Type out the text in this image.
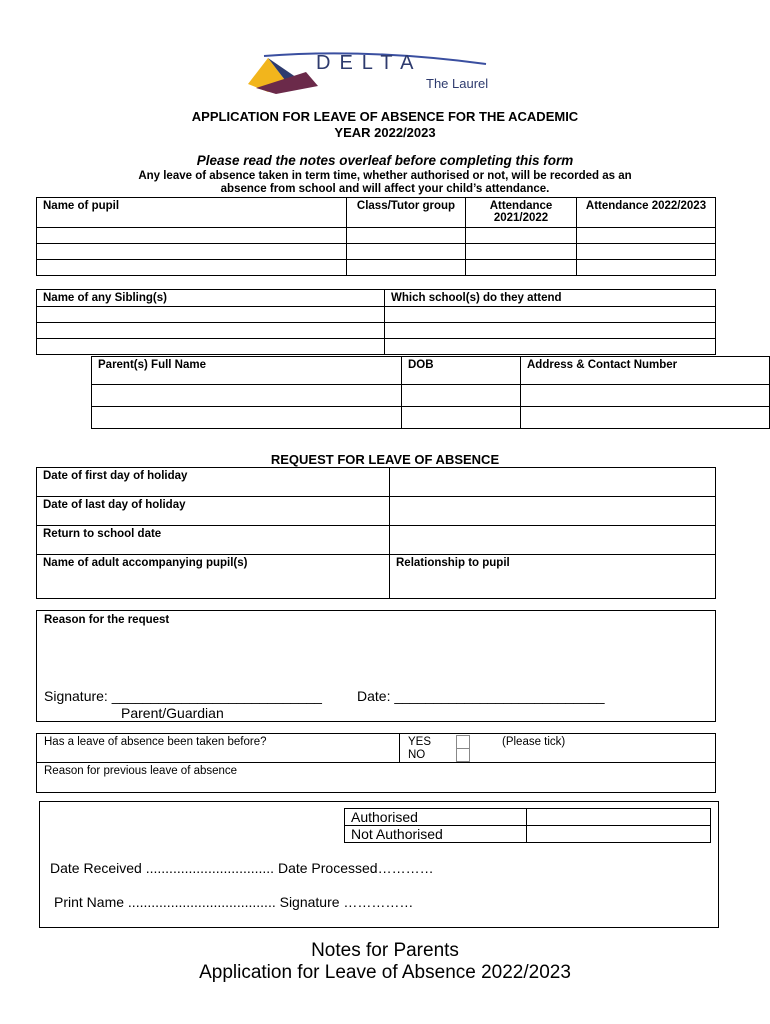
DELTA
The Laurel
APPLICATION FOR LEAVE OF ABSENCE FOR THE ACADEMIC
YEAR 2022/2023
Please read the notes overleaf before completing this form
Any leave of absence taken in term time, whether authorised or not, will be recorded as an
absence from school and will affect your child’s attendance.
Name of pupil	Class/Tutor group	Attendance 2021/2022	Attendance 2022/2023

Name of any Sibling(s)	Which school(s) do they attend

Parent(s) Full Name	DOB	Address & Contact Number

REQUEST FOR LEAVE OF ABSENCE
Date of first day of holiday	
Date of last day of holiday	
Return to school date	
Name of adult accompanying pupil(s)	Relationship to pupil
Reason for the request
Signature: ___________________________	Date: ___________________________
Parent/Guardian
Has a leave of absence been taken before?	YES
NO
(Please tick)
Reason for previous leave of absence
Authorised	
Not Authorised	
Date Received ................................. Date Processed…………
Print Name ...................................... Signature ……………
Notes for Parents
Application for Leave of Absence 2022/2023
